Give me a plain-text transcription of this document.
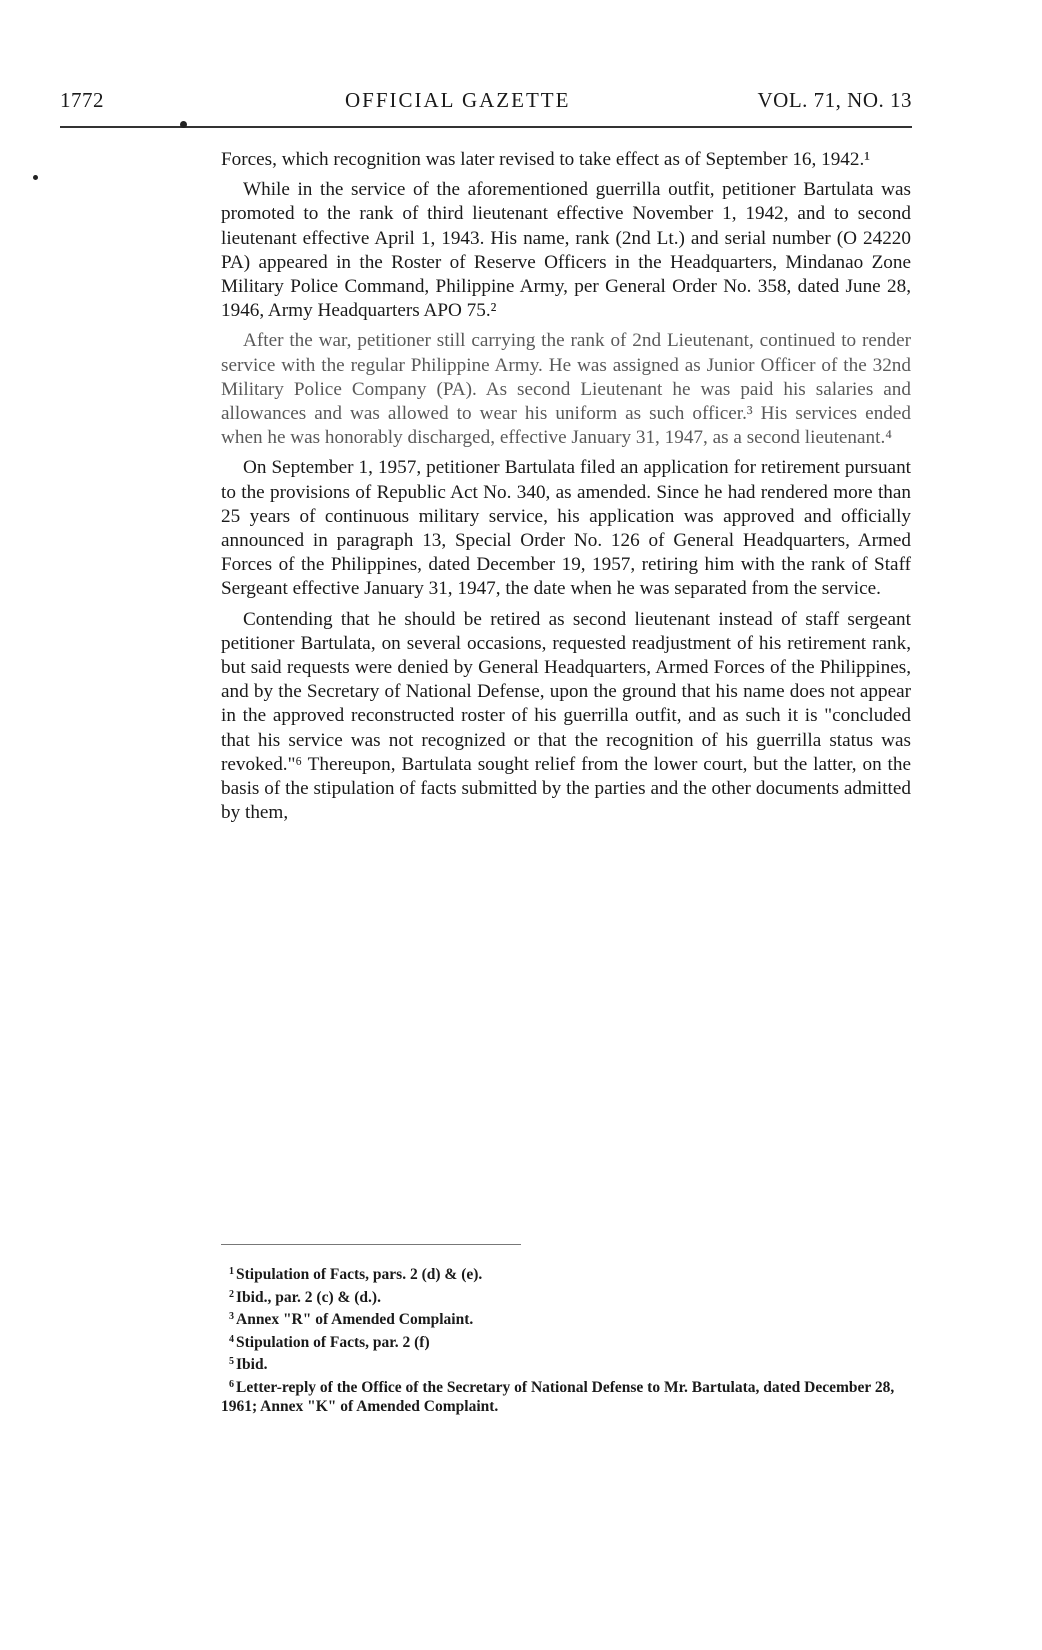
1772	OFFICIAL GAZETTE	VOL. 71, NO. 13

Forces, which recognition was later revised to take effect as of September 16, 1942.¹

While in the service of the aforementioned guerrilla outfit, petitioner Bartulata was promoted to the rank of third lieutenant effective November 1, 1942, and to second lieutenant effective April 1, 1943. His name, rank (2nd Lt.) and serial number (O 24220 PA) appeared in the Roster of Reserve Officers in the Headquarters, Mindanao Zone Military Police Command, Philippine Army, per General Order No. 358, dated June 28, 1946, Army Headquarters APO 75.²

After the war, petitioner still carrying the rank of 2nd Lieutenant, continued to render service with the regular Philippine Army. He was assigned as Junior Officer of the 32nd Military Police Company (PA). As second Lieutenant he was paid his salaries and allowances and was allowed to wear his uniform as such officer.³ His services ended when he was honorably discharged, effective January 31, 1947, as a second lieutenant.⁴

On September 1, 1957, petitioner Bartulata filed an application for retirement pursuant to the provisions of Republic Act No. 340, as amended. Since he had rendered more than 25 years of continuous military service, his application was approved and officially announced in paragraph 13, Special Order No. 126 of General Headquarters, Armed Forces of the Philippines, dated December 19, 1957, retiring him with the rank of Staff Sergeant effective January 31, 1947, the date when he was separated from the service.

Contending that he should be retired as second lieutenant instead of staff sergeant petitioner Bartulata, on several occasions, requested readjustment of his retirement rank, but said requests were denied by General Headquarters, Armed Forces of the Philippines, and by the Secretary of National Defense, upon the ground that his name does not appear in the approved reconstructed roster of his guerrilla outfit, and as such it is "concluded that his service was not recognized or that the recognition of his guerrilla status was revoked."⁶ Thereupon, Bartulata sought relief from the lower court, but the latter, on the basis of the stipulation of facts submitted by the parties and the other documents admitted by them,

$^1$ Stipulation of Facts, pars. 2 (d) & (e).

$^2$ Ibid., par. 2 (c) & (d.).

$^3$ Annex "R" of Amended Complaint.

$^4$ Stipulation of Facts, par. 2 (f)

$^5$ Ibid.

$^6$ Letter-reply of the Office of the Secretary of National Defense to Mr. Bartulata, dated December 28, 1961; Annex "K" of Amended Complaint.
